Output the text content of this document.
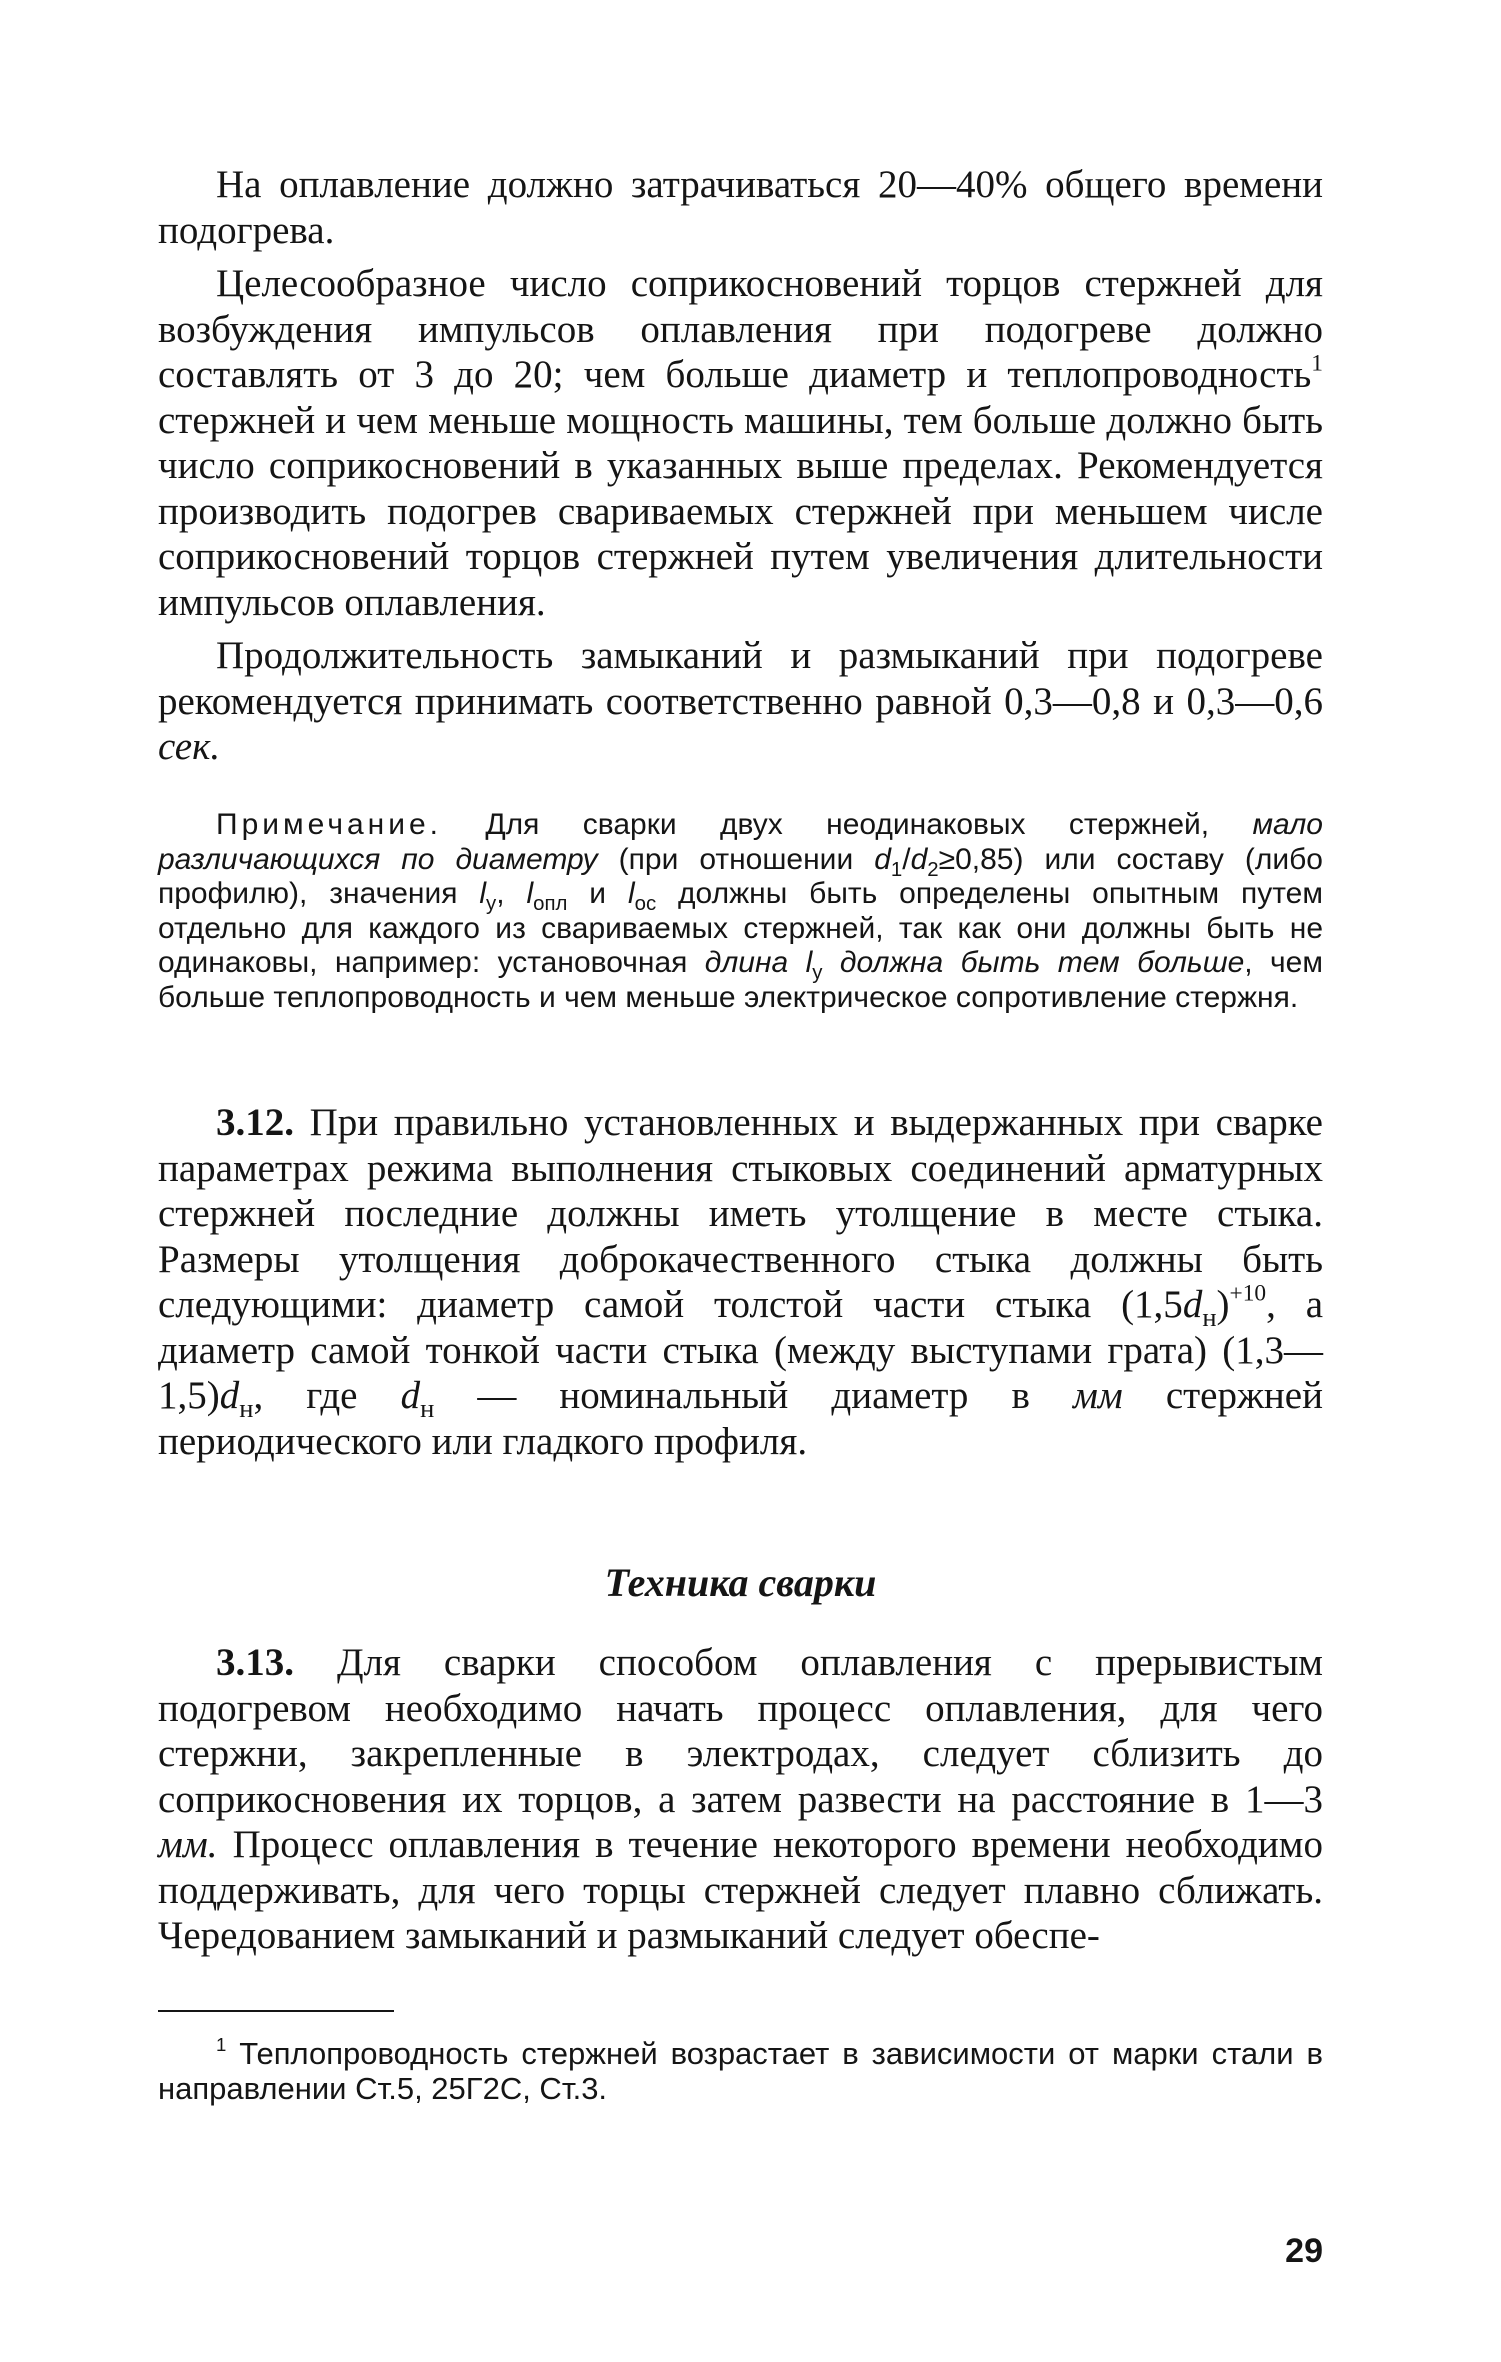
На оплавление должно затрачиваться 20—40% общего времени подогрева.

Целесообразное число соприкосновений торцов стержней для возбуждения импульсов оплавления при подогреве должно составлять от 3 до 20; чем больше диаметр и теплопроводность$^1$ стержней и чем меньше мощность машины, тем больше должно быть число соприкосновений в указанных выше пределах. Рекомендуется производить подогрев свариваемых стержней при меньшем числе соприкосновений торцов стержней путем увеличения длительности импульсов оплавления.

Продолжительность замыканий и размыканий при подогреве рекомендуется принимать соответственно равной 0,3—0,8 и 0,3—0,6 сек.

Примечание. Для сварки двух неодинаковых стержней, мало различающихся по диаметру (при отношении $d_1/d_2\ge 0,85$) или составу (либо профилю), значения $l_у$, $l_{опл}$ и $l_{ос}$ должны быть определены опытным путем отдельно для каждого из свариваемых стержней, так как они должны быть не одинаковы, например: установочная длина $l_у$ должна быть тем больше, чем больше теплопроводность и чем меньше электрическое сопротивление стержня.

3.12. При правильно установленных и выдержанных при сварке параметрах режима выполнения стыковых соединений арматурных стержней последние должны иметь утолщение в месте стыка. Размеры утолщения доброкачественного стыка должны быть следующими: диаметр самой толстой части стыка $(1,5d_н)^{+10}$, а диаметр самой тонкой части стыка (между выступами грата) $(1,3—1,5)d_н$, где $d_н$ — номинальный диаметр в мм стержней периодического или гладкого профиля.

Техника сварки

3.13. Для сварки способом оплавления с прерывистым подогревом необходимо начать процесс оплавления, для чего стержни, закрепленные в электродах, следует сблизить до соприкосновения их торцов, а затем развести на расстояние в 1—3 мм. Процесс оплавления в течение некоторого времени необходимо поддерживать, для чего торцы стержней следует плавно сближать. Чередованием замыканий и размыканий следует обеспе-

$^1$ Теплопроводность стержней возрастает в зависимости от марки стали в направлении Ст.5, 25Г2С, Ст.3.

29
